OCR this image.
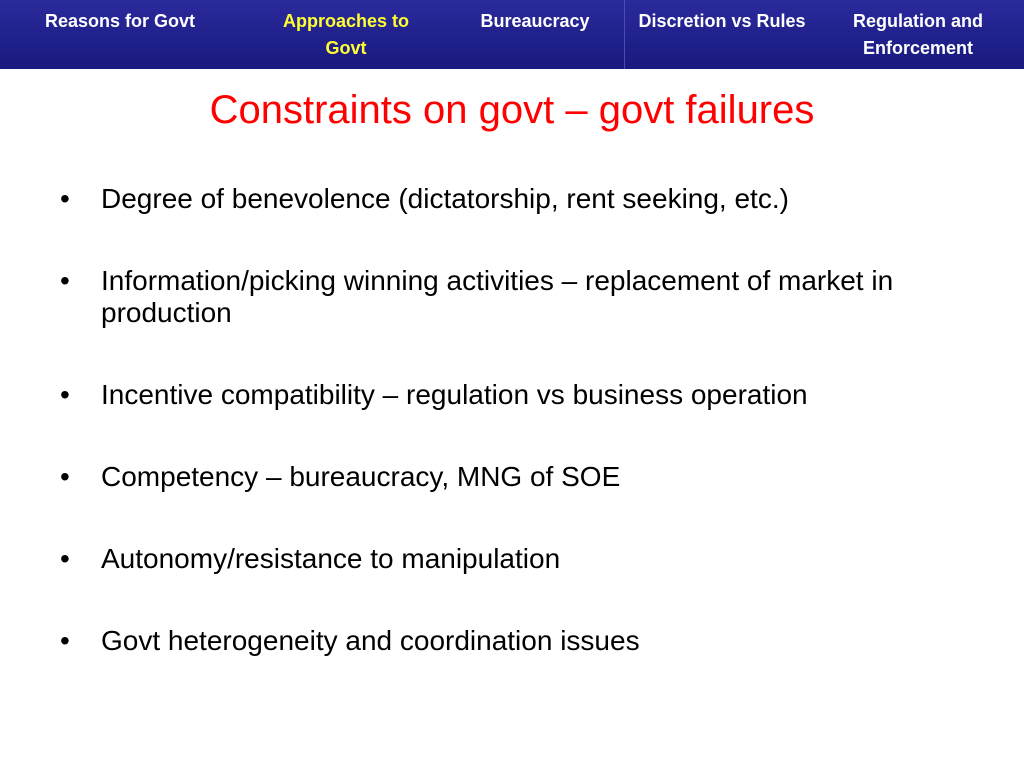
Reasons for Govt	Approaches to Govt
Bureaucracy	Discretion vs Rules	Regulation and Enforcement
Constraints on govt – govt failures
• Degree of benevolence (dictatorship, rent seeking, etc.)
• Information/picking winning activities – replacement of market in production
• Incentive compatibility – regulation vs business operation
• Competency – bureaucracy, MNG of SOE
• Autonomy/resistance to manipulation
• Govt heterogeneity and coordination issues
